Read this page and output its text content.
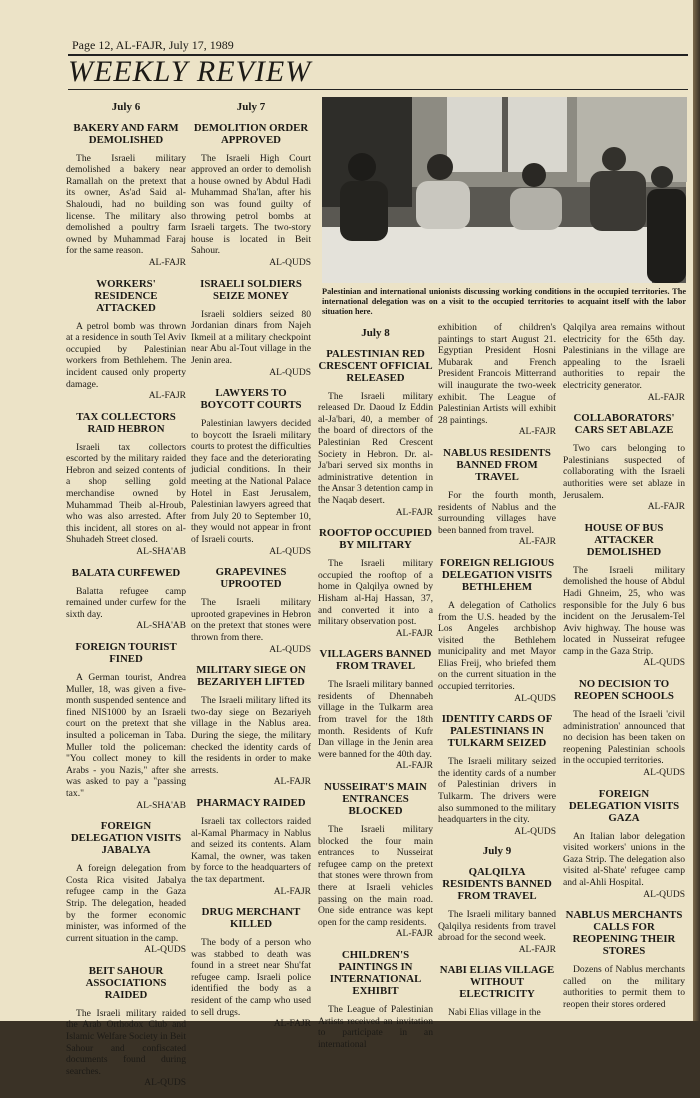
Page 12, AL-FAJR, July 17, 1989
WEEKLY REVIEW
July 6
BAKERY AND FARM DEMOLISHED

The Israeli military demolished a bakery near Ramallah on the pretext that its owner, As'ad Said al-Shaloudi, had no building license. The military also demolished a poultry farm owned by Muhammad Faraj for the same reason.

AL-FAJR
WORKERS' RESIDENCE ATTACKED

A petrol bomb was thrown at a residence in south Tel Aviv occupied by Palestinian workers from Bethlehem. The incident caused only property damage.

AL-FAJR
TAX COLLECTORS RAID HEBRON

Israeli tax collectors escorted by the military raided Hebron and seized contents of a shop selling gold merchandise owned by Muhammad Theib al-Hroub, who was also arrested. After this incident, all stores on al-Shuhadeh Street closed.

AL-SHA'AB
BALATA CURFEWED

Balatta refugee camp remained under curfew for the sixth day.

AL-SHA'AB
FOREIGN TOURIST FINED

A German tourist, Andrea Muller, 18, was given a five-month suspended sentence and fined NIS1000 by an Israeli court on the pretext that she insulted a policeman in Taba. Muller told the policeman: "You collect money to kill Arabs - you Nazis," after she was asked to pay a "passing tax."

AL-SHA'AB
FOREIGN DELEGATION VISITS JABALYA

A foreign delegation from Costa Rica visited Jabalya refugee camp in the Gaza Strip. The delegation, headed by the former economic minister, was informed of the current situation in the camp.

AL-QUDS
BEIT SAHOUR ASSOCIATIONS RAIDED

The Israeli military raided the Arab Orthodox Club and Islamic Welfare Society in Beit Sahour and confiscated documents found during searches.

AL-QUDS
July 7
DEMOLITION ORDER APPROVED

The Israeli High Court approved an order to demolish a house owned by Abdul Hadi Muhammad Sha'lan, after his son was found guilty of throwing petrol bombs at Israeli targets. The two-story house is located in Beit Sahour.

AL-QUDS
ISRAELI SOLDIERS SEIZE MONEY

Israeli soldiers seized 80 Jordanian dinars from Najeh Ikmeil at a military checkpoint near Abu al-Tout village in the Jenin area.

AL-QUDS
LAWYERS TO BOYCOTT COURTS

Palestinian lawyers decided to boycott the Israeli military courts to protest the difficulties they face and the deteriorating judicial conditions. In their meeting at the National Palace Hotel in East Jerusalem, Palestinian lawyers agreed that from July 20 to September 10, they would not appear in front of Israeli courts.

AL-QUDS
GRAPEVINES UPROOTED

The Israeli military uprooted grapevines in Hebron on the pretext that stones were thrown from there.

AL-QUDS
MILITARY SIEGE ON BEZARIYEH LIFTED

The Israeli military lifted its two-day siege on Bezariyeh village in the Nablus area. During the siege, the military checked the identity cards of the residents in order to make arrests.

AL-FAJR
PHARMACY RAIDED

Israeli tax collectors raided al-Kamal Pharmacy in Nablus and seized its contents. Alam Kamal, the owner, was taken by force to the headquarters of the tax department.

AL-FAJR
DRUG MERCHANT KILLED

The body of a person who was stabbed to death was found in a street near Shu'fat refugee camp. Israeli police identified the body as a resident of the camp who used to sell drugs.

AL-FAJR
Palestinian and international unionists discussing working conditions in the occupied territories. The international delegation was on a visit to the occupied territories to acquaint itself with the labor situation here.
July 8
PALESTINIAN RED CRESCENT OFFICIAL RELEASED

The Israeli military released Dr. Daoud Iz Eddin al-Ja'bari, 40, a member of the board of directors of the Palestinian Red Crescent Society in Hebron. Dr. al-Ja'bari served six months in administrative detention in the Ansar 3 detention camp in the Naqab desert.

AL-FAJR
ROOFTOP OCCUPIED BY MILITARY

The Israeli military occupied the rooftop of a home in Qalqilya owned by Hisham al-Haj Hassan, 37, and converted it into a military observation post.

AL-FAJR
VILLAGERS BANNED FROM TRAVEL

The Israeli military banned residents of Dhennabeh village in the Tulkarm area from travel for the 18th month. Residents of Kufr Dan village in the Jenin area were banned for the 40th day.

AL-FAJR
NUSSEIRAT'S MAIN ENTRANCES BLOCKED

The Israeli military blocked the four main entrances to Nusseirat refugee camp on the pretext that stones were thrown from there at Israeli vehicles passing on the main road. One side entrance was kept open for the camp residents.

AL-FAJR
CHILDREN'S PAINTINGS IN INTERNATIONAL EXHIBIT

The League of Palestinian Artists received an invitation to participate in an international

exhibition of children's paintings to start August 21. Egyptian President Hosni Mubarak and French President Francois Mitterrand will inaugurate the two-week exhibit. The League of Palestinian Artists will exhibit 28 paintings.

AL-FAJR
NABLUS RESIDENTS BANNED FROM TRAVEL

For the fourth month, residents of Nablus and the surrounding villages have been banned from travel.

AL-FAJR
FOREIGN RELIGIOUS DELEGATION VISITS BETHLEHEM

A delegation of Catholics from the U.S. headed by the Los Angeles archbishop visited the Bethlehem municipality and met Mayor Elias Freij, who briefed them on the current situation in the occupied territories.

AL-QUDS
IDENTITY CARDS OF PALESTINIANS IN TULKARM SEIZED

The Israeli military seized the identity cards of a number of Palestinian drivers in Tulkarm. The drivers were also summoned to the military headquarters in the city.

AL-QUDS
July 9
QALQILYA RESIDENTS BANNED FROM TRAVEL

The Israeli military banned Qalqilya residents from travel abroad for the second week.

AL-FAJR
NABI ELIAS VILLAGE WITHOUT ELECTRICITY

Nabi Elias village in the

Qalqilya area remains without electricity for the 65th day. Palestinians in the village are appealing to the Israeli authorities to repair the electricity generator.

AL-FAJR
COLLABORATORS' CARS SET ABLAZE

Two cars belonging to Palestinians suspected of collaborating with the Israeli authorities were set ablaze in Jerusalem.

AL-FAJR
HOUSE OF BUS ATTACKER DEMOLISHED

The Israeli military demolished the house of Abdul Hadi Ghneim, 25, who was responsible for the July 6 bus incident on the Jerusalem-Tel Aviv highway. The house was located in Nusseirat refugee camp in the Gaza Strip.

AL-QUDS
NO DECISION TO REOPEN SCHOOLS

The head of the Israeli 'civil administration' announced that no decision has been taken on reopening Palestinian schools in the occupied territories.

AL-QUDS
FOREIGN DELEGATION VISITS GAZA

An Italian labor delegation visited workers' unions in the Gaza Strip. The delegation also visited al-Shate' refugee camp and al-Ahli Hospital.

AL-QUDS
NABLUS MERCHANTS CALLS FOR REOPENING THEIR STORES

Dozens of Nablus merchants called on the military authorities to permit them to reopen their stores ordered
